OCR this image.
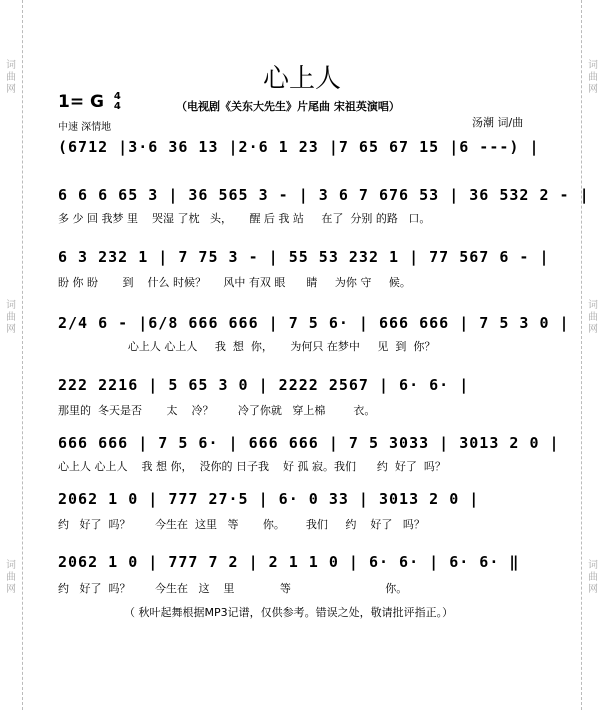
词
曲
网
词
曲
网
词
曲
网
词
曲
网
词
曲
网
词
曲
网
心上人
1= G 4
4	（电视剧《关东大先生》片尾曲 宋祖英演唱）
中速 深情地	汤潮 词/曲
(6712 |3·6 36 13 |2·6 1 23 |7 65 67 15 |6 ---) |
6 6 6 65 3 | 36 565 3 - | 3 6 7 676 53 | 36 532 2 - |
多 少 回 我梦 里    哭湿 了枕   头，     醒 后 我 站     在了  分别 的路   口。
6 3 232 1 | 7 75 3 - | 55 53 232 1 | 77 567 6 - |
盼 你 盼       到    什么 时候？     风中 有双 眼      睛     为你 守     候。
2/4 6 - |6/8 666 666 | 7 5 6· | 666 666 | 7 5 3 0 |
心上人 心上人     我  想  你，     为何只 在梦中     见  到  你？
222 2216 | 5 65 3 0 | 2222 2567 | 6· 6· |
那里的  冬天是否       太    冷？       冷了你就   穿上棉        衣。
666 666 | 7 5 6· | 666 666 | 7 5 3033 | 3013 2 0 |
心上人 心上人    我 想 你，  没你的 日子我    好 孤 寂。我们      约  好了  吗？
2062 1 0 | 777 27·5 | 6· 0 33 | 3013 2 0 |
约   好了  吗？       今生在  这里   等       你。      我们     约    好了   吗？
2062 1 0 | 777 7 2 | 2 1 1 0 | 6· 6· | 6· 6· ‖
约   好了  吗？       今生在   这    里             等                           你。
（ 秋叶起舞根据MP3记谱，仅供参考。错误之处，敬请批评指正。）
